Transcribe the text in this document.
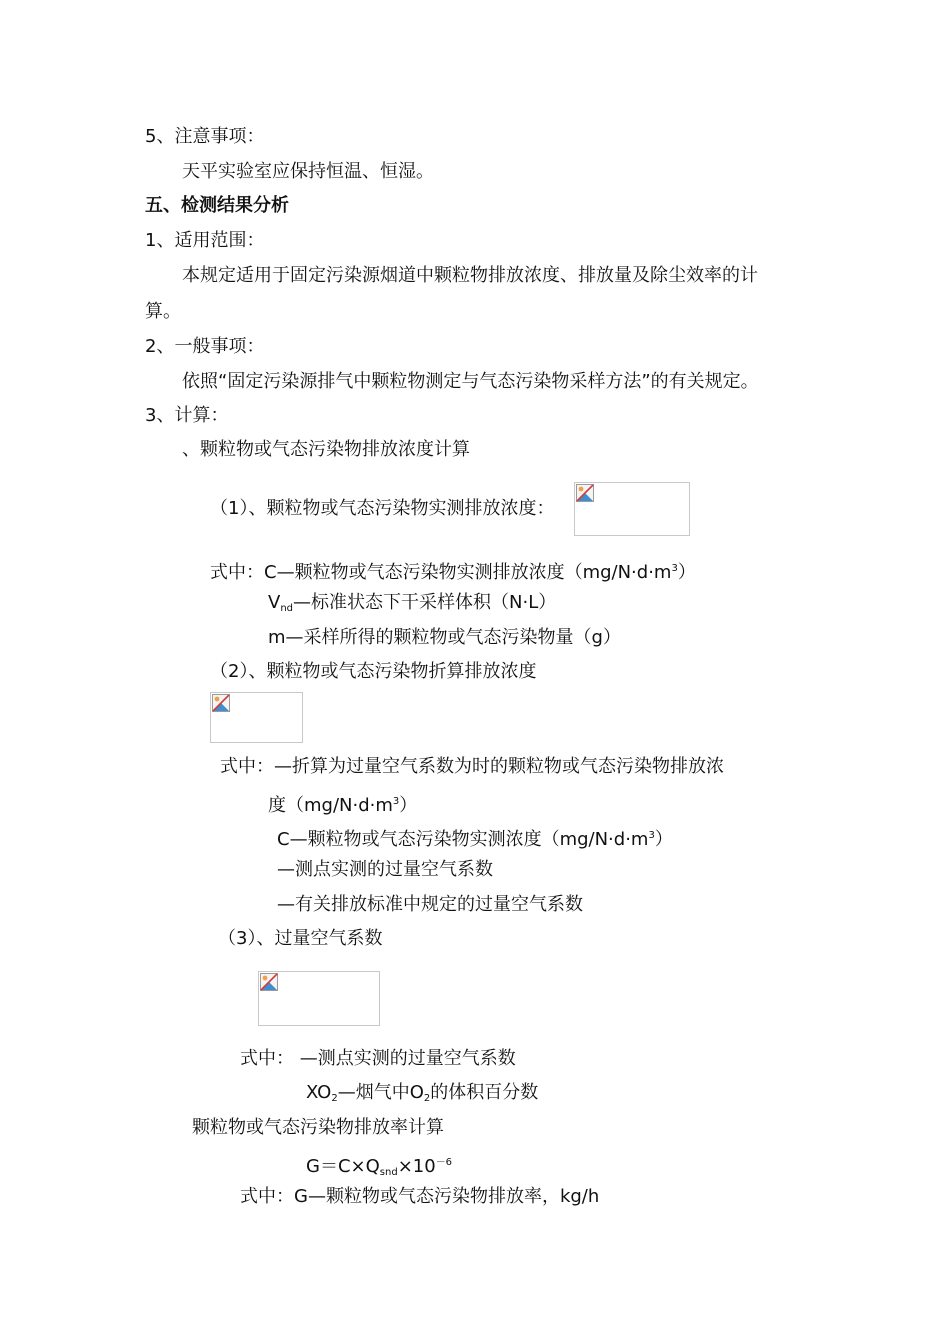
5、注意事项：
天平实验室应保持恒温、恒湿。
五、检测结果分析
1、适用范围：
本规定适用于固定污染源烟道中颗粒物排放浓度、排放量及除尘效率的计
算。
2、一般事项：
依照“固定污染源排气中颗粒物测定与气态污染物采样方法”的有关规定。
3、计算：
、颗粒物或气态污染物排放浓度计算
（1）、颗粒物或气态污染物实测排放浓度：
式中：C—颗粒物或气态污染物实测排放浓度$(mg/N\cdot d\cdot m^3)$
$V_{nd}—$标准状态下干采样体积（N·L）
m—采样所得的颗粒物或气态污染物量（g）
（2）、颗粒物或气态污染物折算排放浓度
式中：—折算为过量空气系数为时的颗粒物或气态污染物排放浓
度$(mg/N\cdot d\cdot m^3)$
C—颗粒物或气态污染物实测浓度$(mg/N\cdot d\cdot m^3)$
—测点实测的过量空气系数
—有关排放标准中规定的过量空气系数
（3）、过量空气系数
式中： —测点实测的过量空气系数
$XO_2—$烟气中$O_2$的体积百分数
颗粒物或气态污染物排放率计算
$G=C\times Q_{snd}\times 10^{-6}$
式中：G—颗粒物或气态污染物排放率，kg/h
